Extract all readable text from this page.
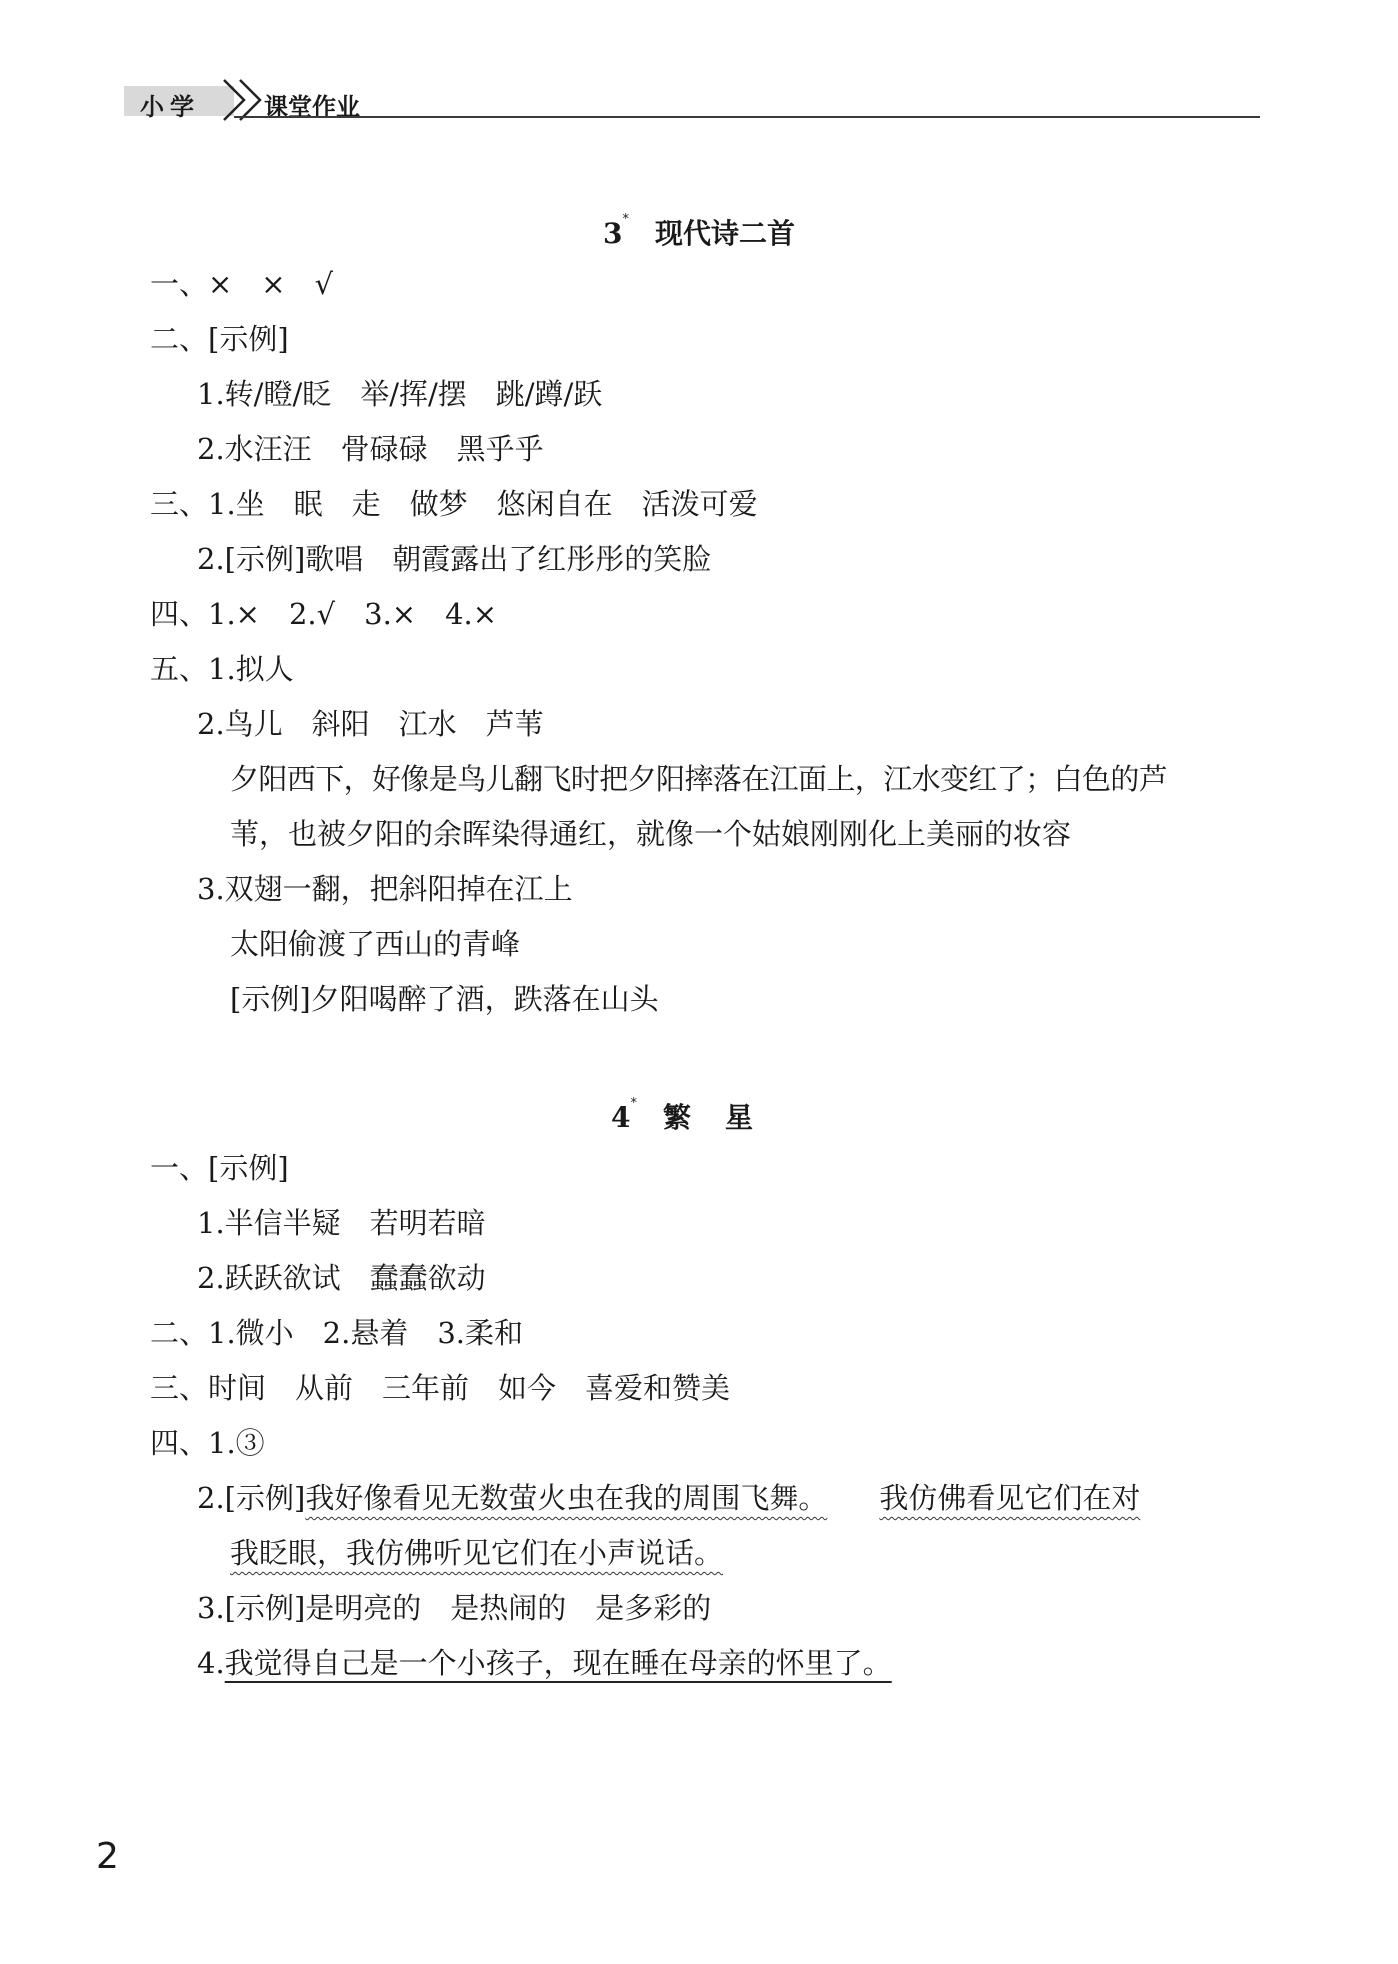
小学	课堂作业
3* 现代诗二首
一、×　×　√
二、[示例]
1.转/瞪/眨　举/挥/摆　跳/蹲/跃
2.水汪汪　骨碌碌　黑乎乎
三、1.坐　眠　走　做梦　悠闲自在　活泼可爱
2.[示例]歌唱　朝霞露出了红彤彤的笑脸
四、1.×　2.√　3.×　4.×
五、1.拟人
2.鸟儿　斜阳　江水　芦苇
夕阳西下，好像是鸟儿翻飞时把夕阳摔落在江面上，江水变红了；白色的芦
苇，也被夕阳的余晖染得通红，就像一个姑娘刚刚化上美丽的妆容
3.双翅一翻，把斜阳掉在江上
太阳偷渡了西山的青峰
[示例]夕阳喝醉了酒，跌落在山头
4* 繁星
一、[示例]
1.半信半疑　若明若暗
2.跃跃欲试　蠢蠢欲动
二、1.微小　2.悬着　3.柔和
三、时间　从前　三年前　如今　喜爱和赞美
四、1.③
2.[示例]我好像看见无数萤火虫在我的周围飞舞。 我仿佛看见它们在对
我眨眼，我仿佛听见它们在小声说话。
3.[示例]是明亮的　是热闹的　是多彩的
4.我觉得自己是一个小孩子，现在睡在母亲的怀里了。
2
